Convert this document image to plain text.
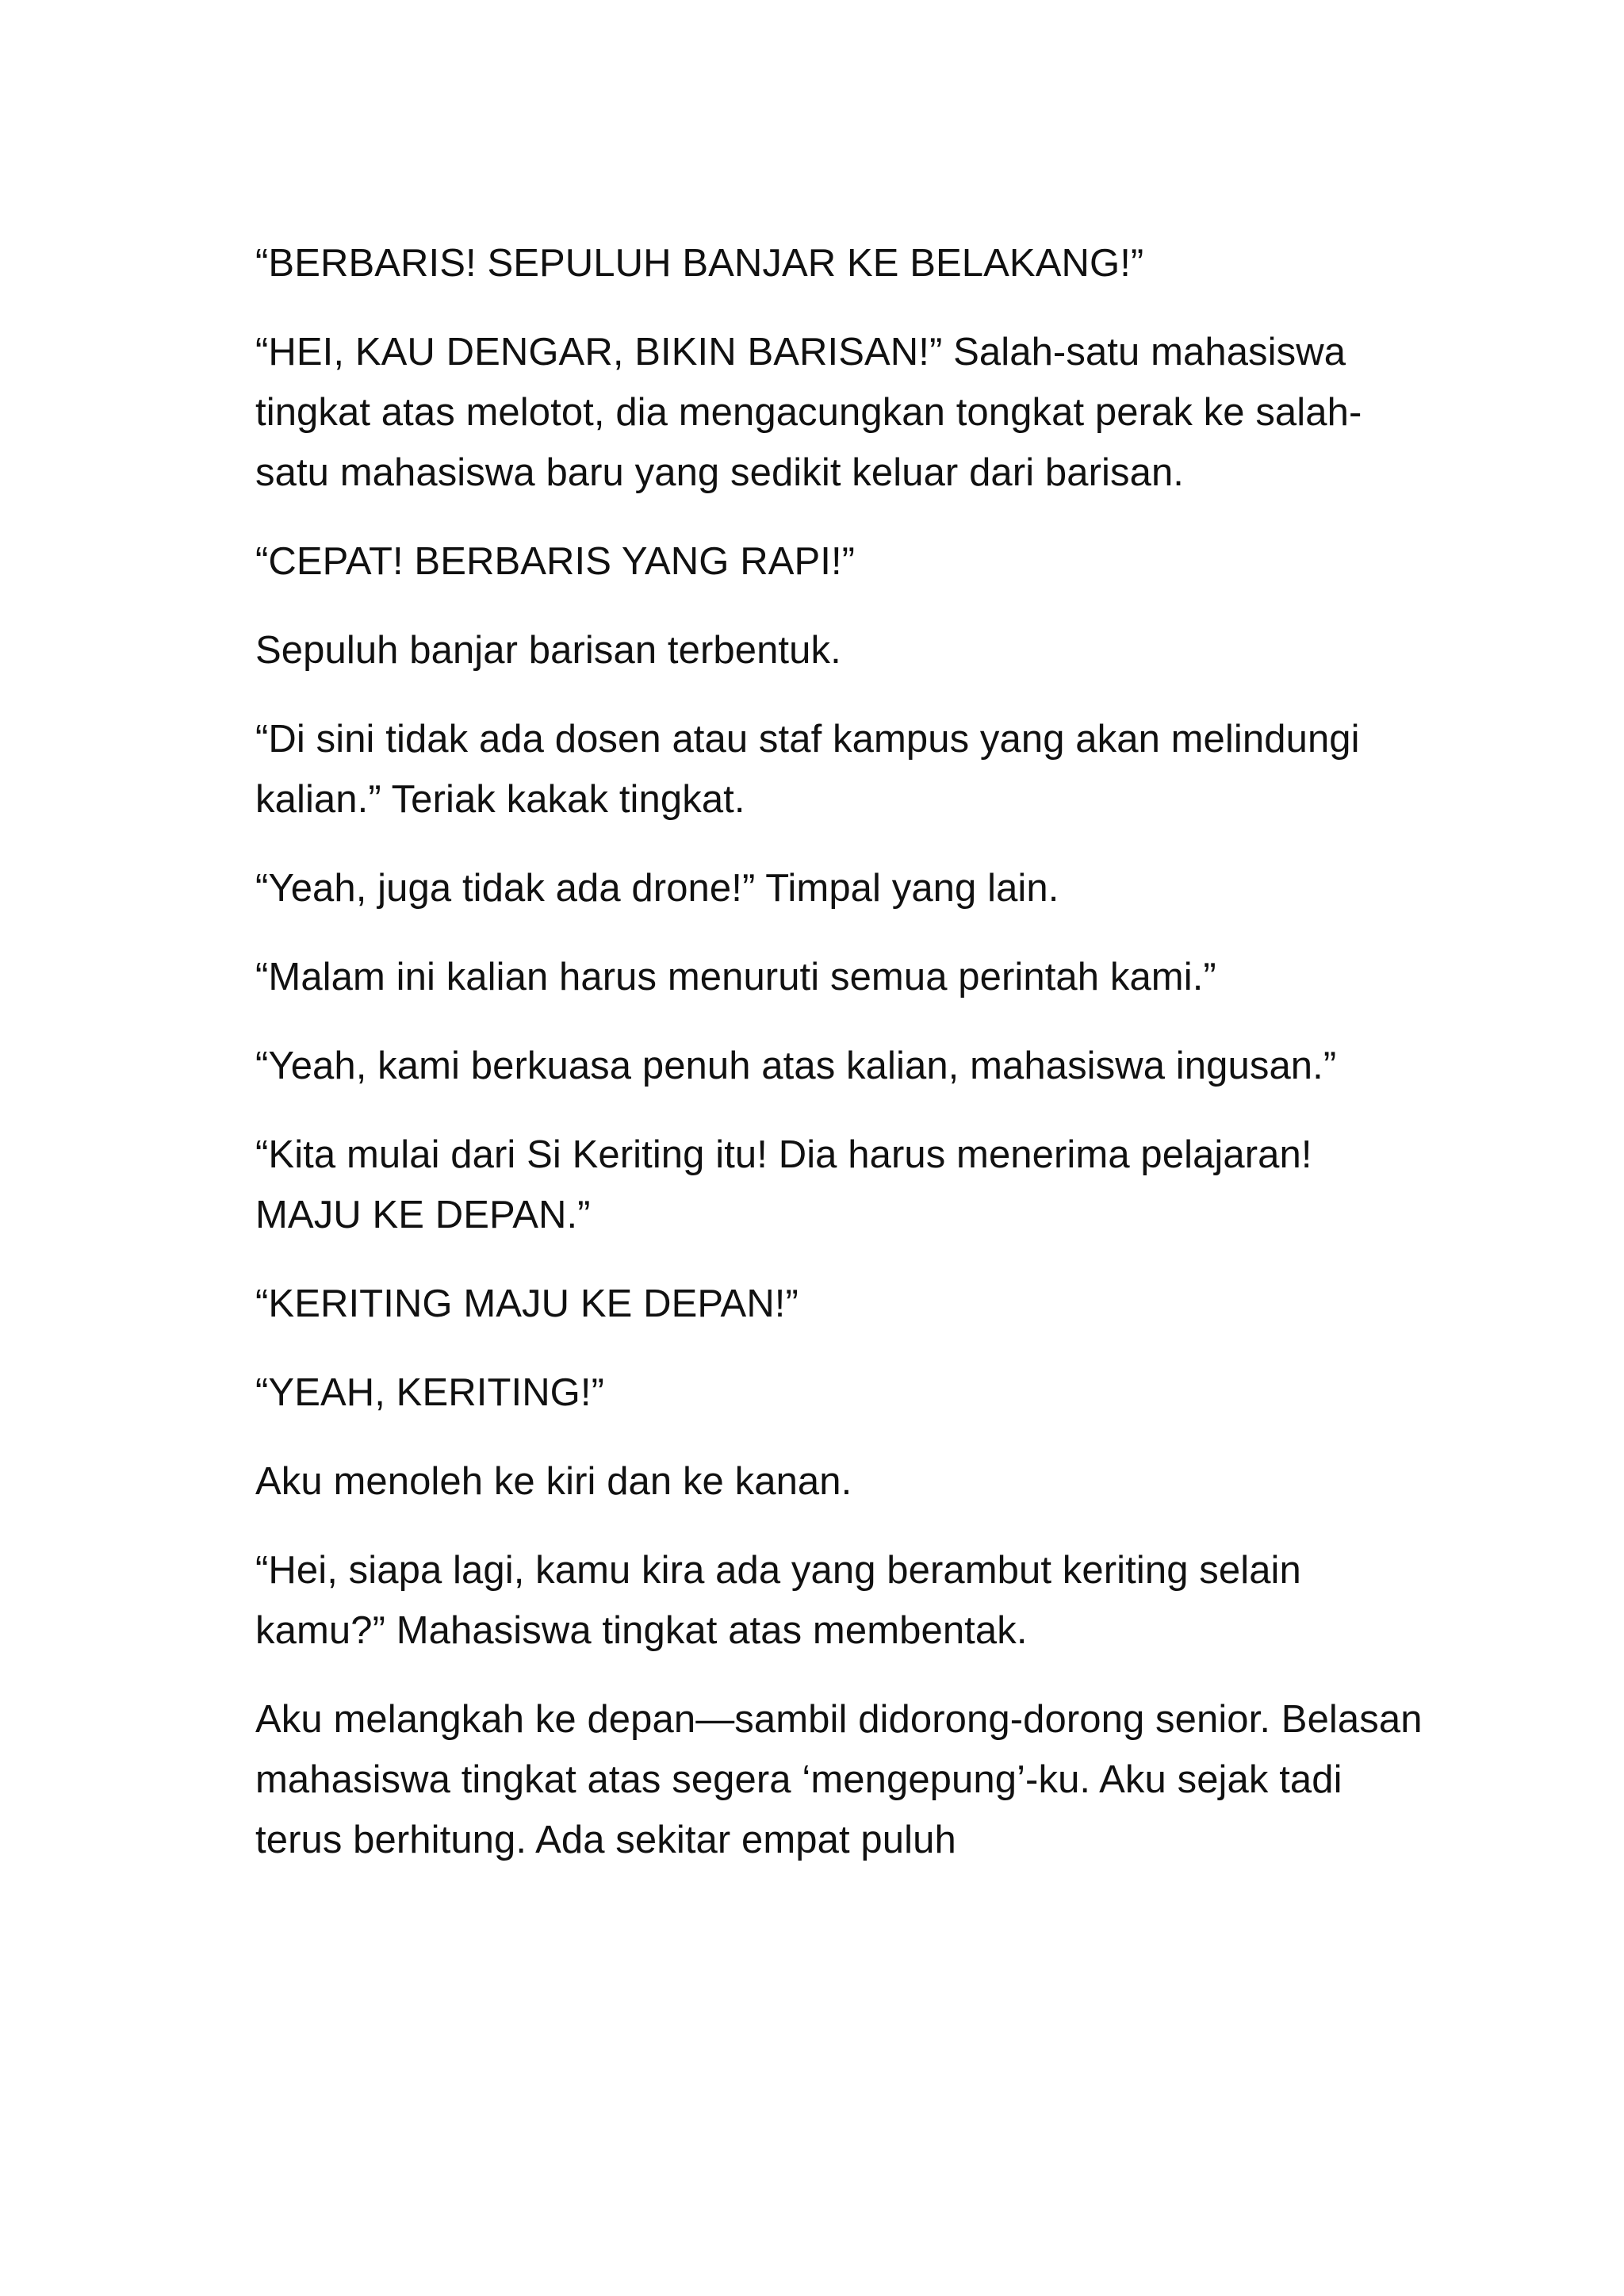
“BERBARIS! SEPULUH BANJAR KE BELAKANG!”

“HEI, KAU DENGAR, BIKIN BARISAN!” Salah-satu mahasiswa tingkat atas melotot, dia mengacungkan tongkat perak ke salah-satu mahasiswa baru yang sedikit keluar dari barisan.

“CEPAT! BERBARIS YANG RAPI!”

Sepuluh banjar barisan terbentuk.

“Di sini tidak ada dosen atau staf kampus yang akan melindungi kalian.” Teriak kakak tingkat.

“Yeah, juga tidak ada drone!” Timpal yang lain.

“Malam ini kalian harus menuruti semua perintah kami.”

“Yeah, kami berkuasa penuh atas kalian, mahasiswa ingusan.”

“Kita mulai dari Si Keriting itu! Dia harus menerima pelajaran! MAJU KE DEPAN.”

“KERITING MAJU KE DEPAN!”

“YEAH, KERITING!”

Aku menoleh ke kiri dan ke kanan.

“Hei, siapa lagi, kamu kira ada yang berambut keriting selain kamu?” Mahasiswa tingkat atas membentak.

Aku melangkah ke depan—sambil didorong-dorong senior. Belasan mahasiswa tingkat atas segera ‘mengepung’-ku. Aku sejak tadi terus berhitung. Ada sekitar empat puluh
